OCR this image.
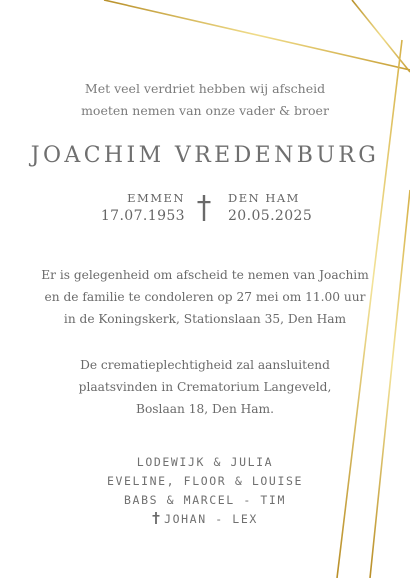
Met veel verdriet hebben wij afscheid
moeten nemen van onze vader & broer
JOACHIM VREDENBURG
EMMEN
17.07.1953
DEN HAM
20.05.2025
Er is gelegenheid om afscheid te nemen van Joachim
en de familie te condoleren op 27 mei om 11.00 uur
in de Koningskerk, Stationslaan 35, Den Ham
De crematieplechtigheid zal aansluitend
plaatsvinden in Crematorium Langeveld,
Boslaan 18, Den Ham.
LODEWIJK & JULIA
EVELINE, FLOOR & LOUISE
BABS & MARCEL - TIM
JOHAN - LEX
